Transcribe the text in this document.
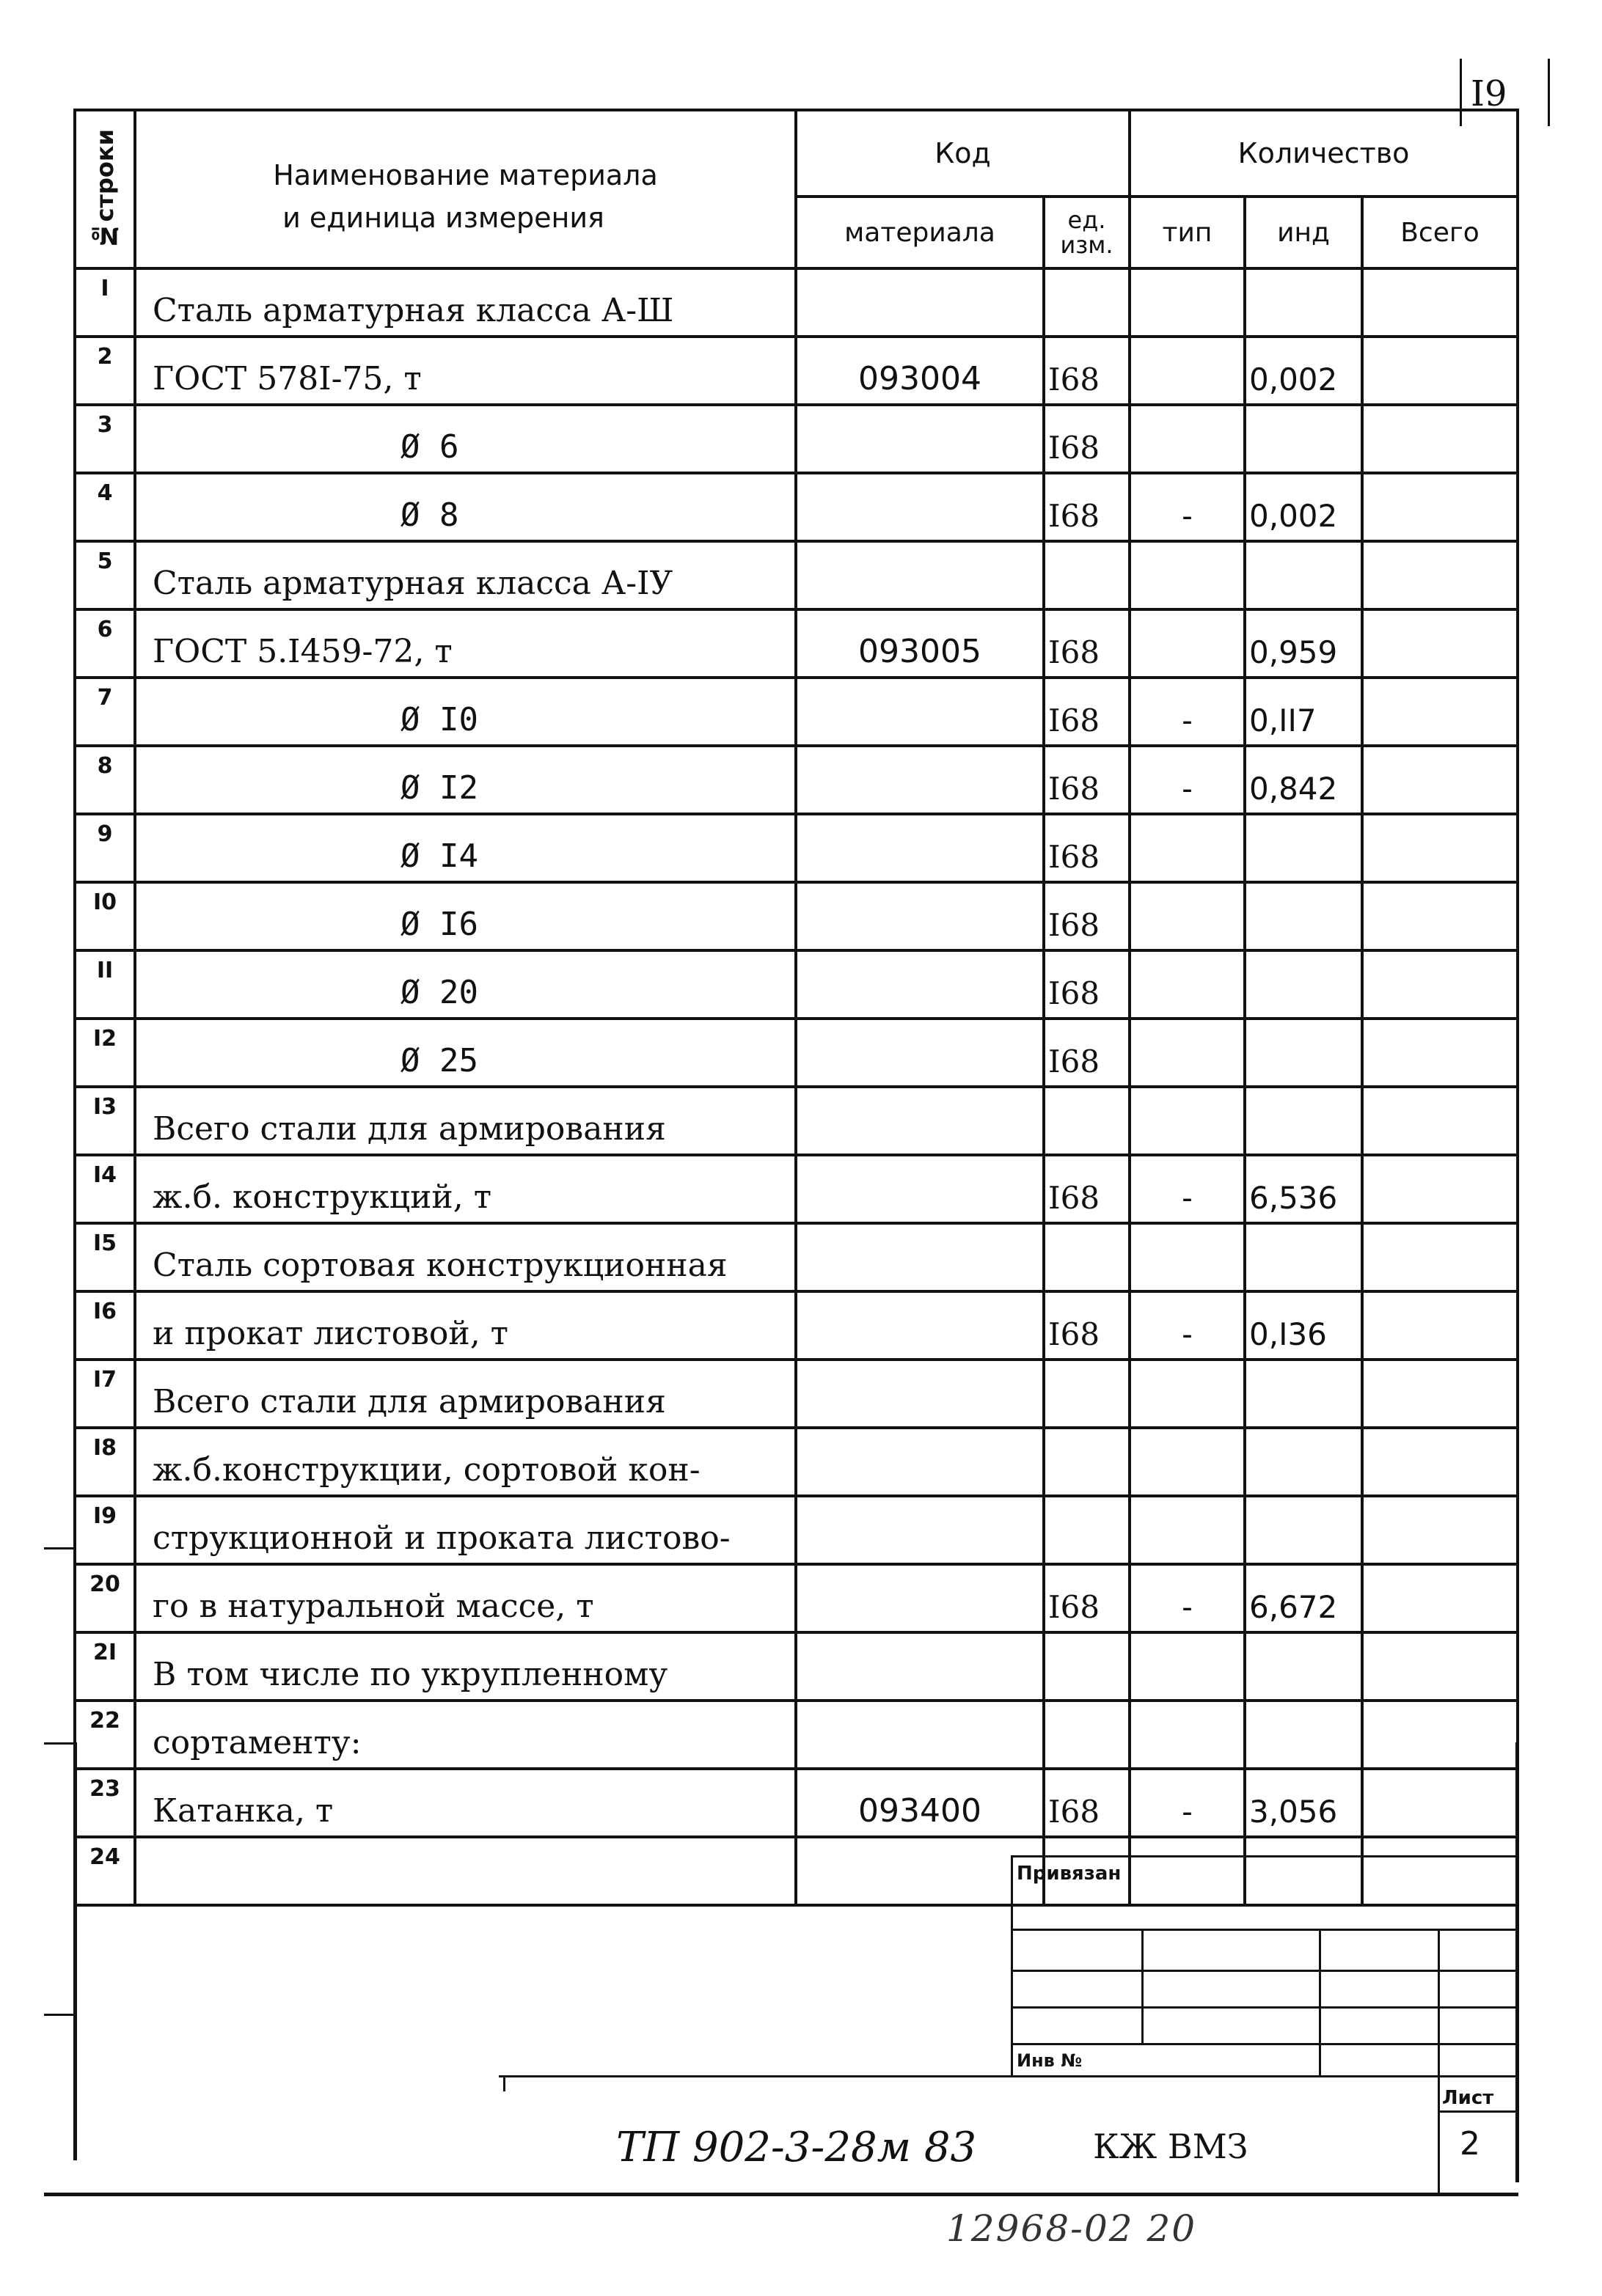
I9
№строки	Наименование материала
и единица измерения	Код		Количество		
		материала	ед. изм.	тип	инд	Всего
I	Сталь арматурная класса А-Ш					
2	ГОСТ 578I-75, т	093004	I68		0,002	
3	Ø 6		I68			
4	Ø 8		I68	-	0,002	
5	Сталь арматурная класса А-IУ					
6	ГОСТ 5.I459-72, т	093005	I68		0,959	
7	Ø I0		I68	-	0,II7	
8	Ø I2		I68	-	0,842	
9	Ø I4		I68			
I0	Ø I6		I68			
II	Ø 20		I68			
I2	Ø 25		I68			
I3	Всего стали для армирования					
I4	ж.б. конструкций, т		I68	-	6,536	
I5	Сталь сортовая конструкционная					
I6	и прокат листовой, т		I68	-	0,I36	
I7	Всего стали для армирования					
I8	ж.б.конструкции, сортовой кон-					
I9	струкционной и проката листово-					
20	го в натуральной массе, т		I68	-	6,672	
2I	В том числе по укрупленному					
22	сортаменту:					
23	Катанка, т	093400	I68	-	3,056	
24						
Привязан
Инв №
Лист
2
ТП 902-3-28м 83	КЖ ВМЗ
12968-02 20
